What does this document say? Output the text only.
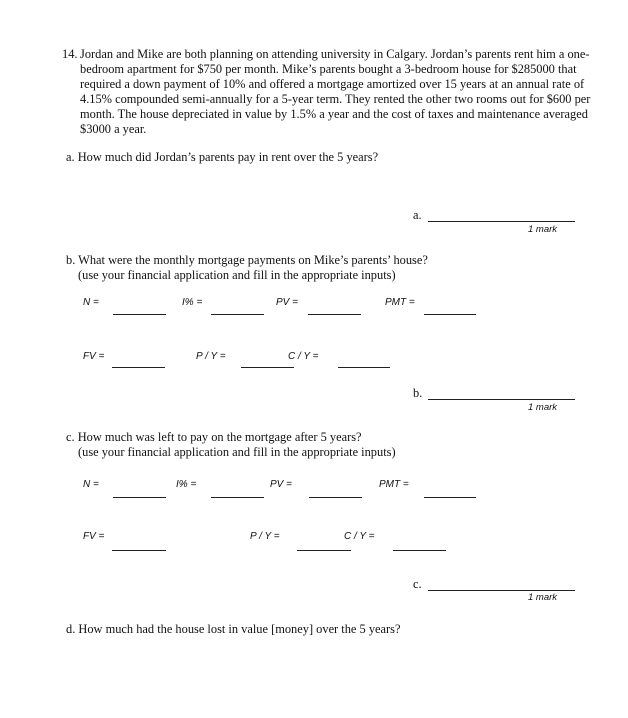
14. Jordan and Mike are both planning on attending university in Calgary. Jordan’s parents rent him a one-bedroom apartment for $750 per month. Mike’s parents bought a 3-bedroom house for $285000 that required a down payment of 10% and offered a mortgage amortized over 15 years at an annual rate of 4.15% compounded semi-annually for a 5-year term. They rented the other two rooms out for $600 per month. The house depreciated in value by 1.5% a year and the cost of taxes and maintenance averaged $3000 a year.

a. How much did Jordan’s parents pay in rent over the 5 years?
a.
1 mark
b. What were the monthly mortgage payments on Mike’s parents’ house?
(use your financial application and fill in the appropriate inputs)
N =	I% =	PV =	PMT =
FV =	P / Y =	C / Y =
b.
1 mark
c. How much was left to pay on the mortgage after 5 years?
(use your financial application and fill in the appropriate inputs)
N =	I% =	PV =	PMT =
FV =	P / Y =	C / Y =
c.
1 mark
d. How much had the house lost in value [money] over the 5 years?
